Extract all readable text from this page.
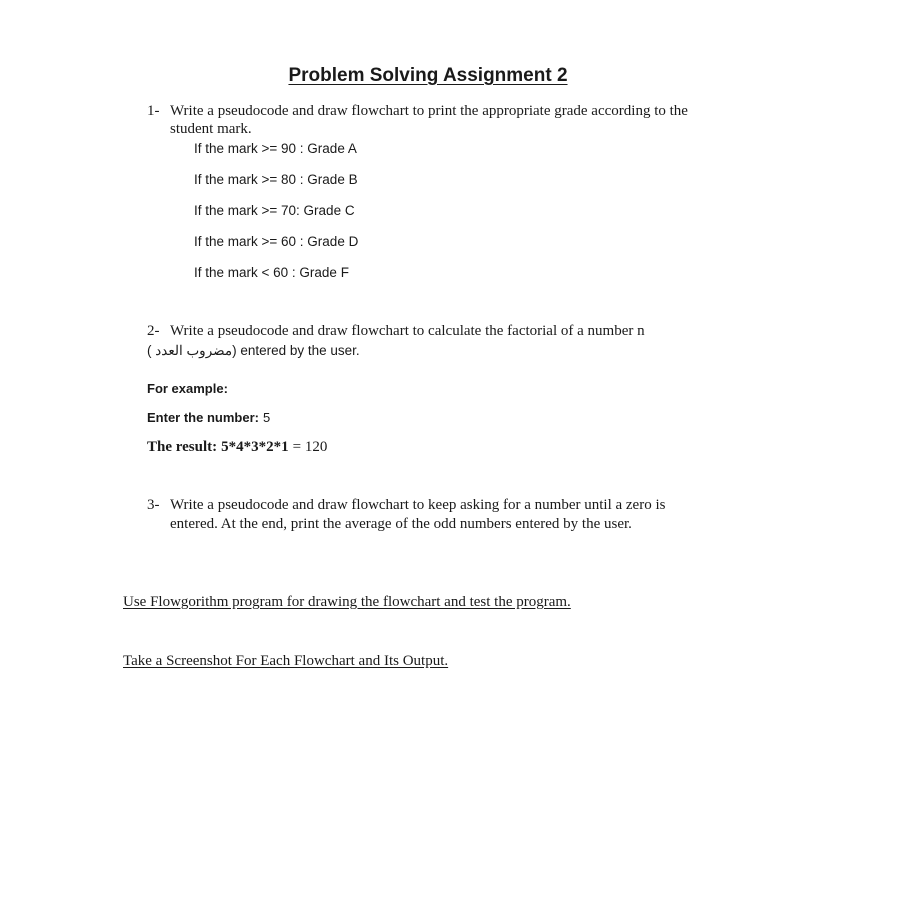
Problem Solving Assignment 2
1- Write a pseudocode and draw flowchart to print the appropriate grade according to the
student mark.
If the mark >= 90 : Grade A
If the mark >= 80 : Grade B
If the mark >= 70: Grade C
If the mark >= 60 : Grade D
If the mark < 60 : Grade F
2- Write a pseudocode and draw flowchart to calculate the factorial of a number n
(مضروب العدد ) entered by the user.
For example:
Enter the number: 5
The result: 5*4*3*2*1 = 120
3- Write a pseudocode and draw flowchart to keep asking for a number until a zero is
entered. At the end, print the average of the odd numbers entered by the user.
Use Flowgorithm program for drawing the flowchart and test the program.
Take a Screenshot For Each Flowchart and Its Output.
